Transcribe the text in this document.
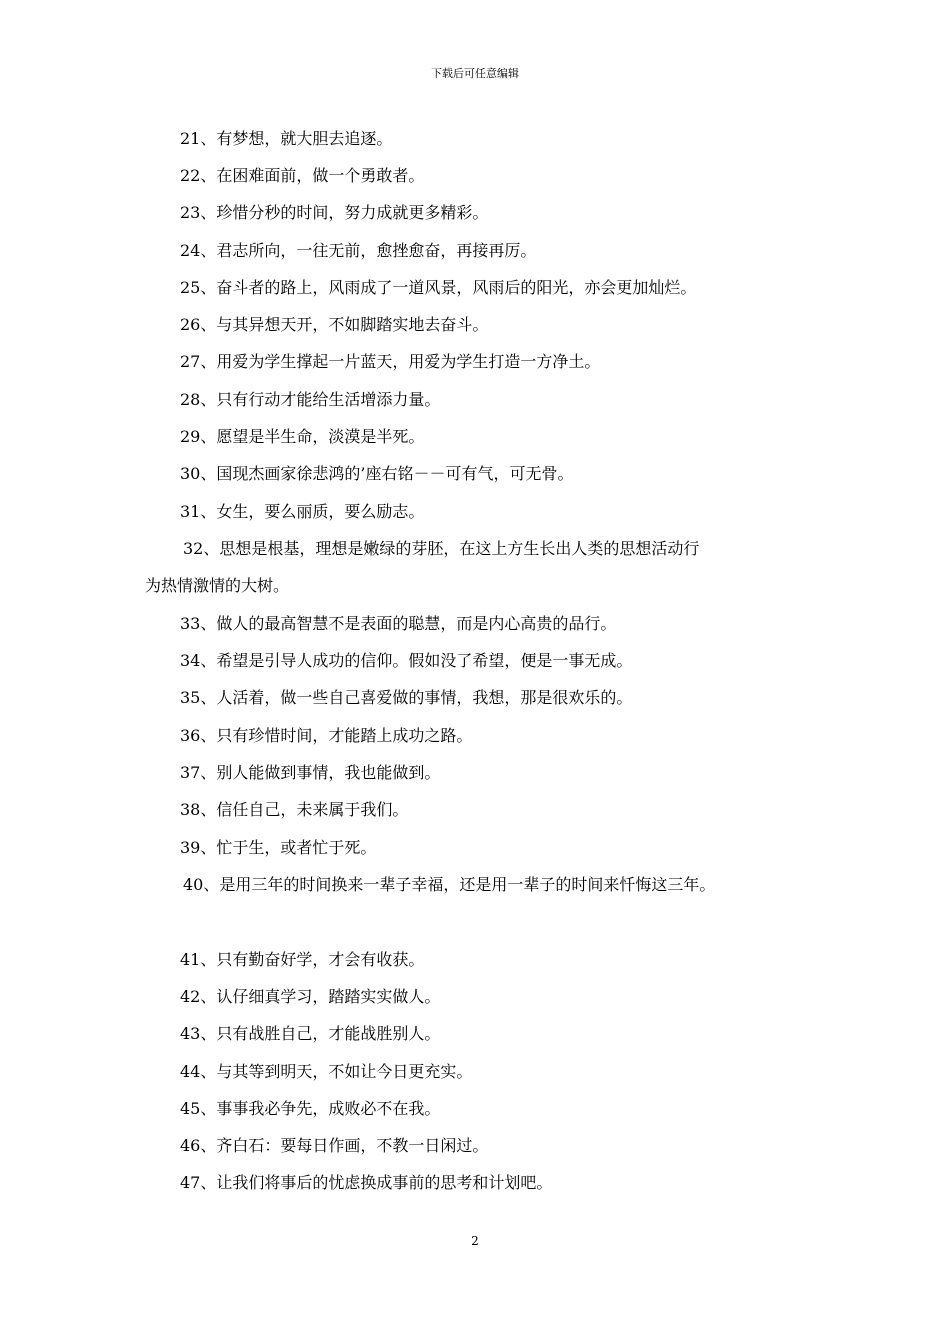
下载后可任意编辑
21、有梦想，就大胆去追逐。
22、在困难面前，做一个勇敢者。
23、珍惜分秒的时间，努力成就更多精彩。
24、君志所向，一往无前，愈挫愈奋，再接再厉。
25、奋斗者的路上，风雨成了一道风景，风雨后的阳光，亦会更加灿烂。
26、与其异想天开，不如脚踏实地去奋斗。
27、用爱为学生撑起一片蓝天，用爱为学生打造一方净土。
28、只有行动才能给生活增添力量。
29、愿望是半生命，淡漠是半死。
30、国现杰画家徐悲鸿的’座右铭－－可有气，可无骨。
31、女生，要么丽质，要么励志。
32、思想是根基，理想是嫩绿的芽胚，在这上方生长出人类的思想活动行
为热情激情的大树。
33、做人的最高智慧不是表面的聪慧，而是内心高贵的品行。
34、希望是引导人成功的信仰。假如没了希望，便是一事无成。
35、人活着，做一些自己喜爱做的事情，我想，那是很欢乐的。
36、只有珍惜时间，才能踏上成功之路。
37、别人能做到事情，我也能做到。
38、信任自己，未来属于我们。
39、忙于生，或者忙于死。
40、是用三年的时间换来一辈子幸福，还是用一辈子的时间来忏悔这三年。
41、只有勤奋好学，才会有收获。
42、认仔细真学习，踏踏实实做人。
43、只有战胜自己，才能战胜别人。
44、与其等到明天，不如让今日更充实。
45、事事我必争先，成败必不在我。
46、齐白石：要每日作画，不教一日闲过。
47、让我们将事后的忧虑换成事前的思考和计划吧。
2
